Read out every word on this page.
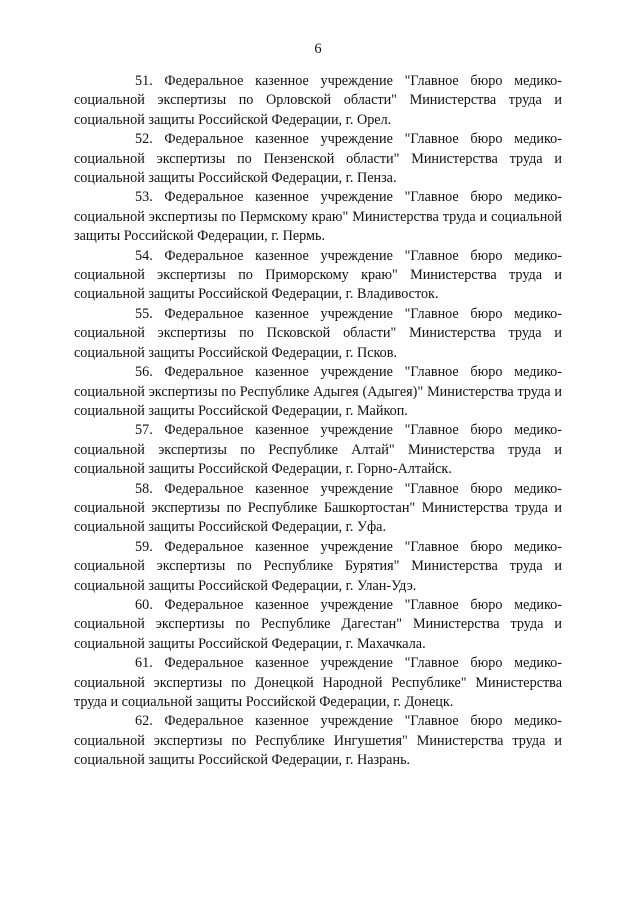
6
51. Федеральное казенное учреждение "Главное бюро медико-социальной экспертизы по Орловской области" Министерства труда и социальной защиты Российской Федерации, г. Орел.
52. Федеральное казенное учреждение "Главное бюро медико-социальной экспертизы по Пензенской области" Министерства труда и социальной защиты Российской Федерации, г. Пенза.
53. Федеральное казенное учреждение "Главное бюро медико-социальной экспертизы по Пермскому краю" Министерства труда и социальной защиты Российской Федерации, г. Пермь.
54. Федеральное казенное учреждение "Главное бюро медико-социальной экспертизы по Приморскому краю" Министерства труда и социальной защиты Российской Федерации, г. Владивосток.
55. Федеральное казенное учреждение "Главное бюро медико-социальной экспертизы по Псковской области" Министерства труда и социальной защиты Российской Федерации, г. Псков.
56. Федеральное казенное учреждение "Главное бюро медико-социальной экспертизы по Республике Адыгея (Адыгея)" Министерства труда и социальной защиты Российской Федерации, г. Майкоп.
57. Федеральное казенное учреждение "Главное бюро медико-социальной экспертизы по Республике Алтай" Министерства труда и социальной защиты Российской Федерации, г. Горно-Алтайск.
58. Федеральное казенное учреждение "Главное бюро медико-социальной экспертизы по Республике Башкортостан" Министерства труда и социальной защиты Российской Федерации, г. Уфа.
59. Федеральное казенное учреждение "Главное бюро медико-социальной экспертизы по Республике Бурятия" Министерства труда и социальной защиты Российской Федерации, г. Улан-Удэ.
60. Федеральное казенное учреждение "Главное бюро медико-социальной экспертизы по Республике Дагестан" Министерства труда и социальной защиты Российской Федерации, г. Махачкала.
61. Федеральное казенное учреждение "Главное бюро медико-социальной экспертизы по Донецкой Народной Республике" Министерства труда и социальной защиты Российской Федерации, г. Донецк.
62. Федеральное казенное учреждение "Главное бюро медико-социальной экспертизы по Республике Ингушетия" Министерства труда и социальной защиты Российской Федерации, г. Назрань.
